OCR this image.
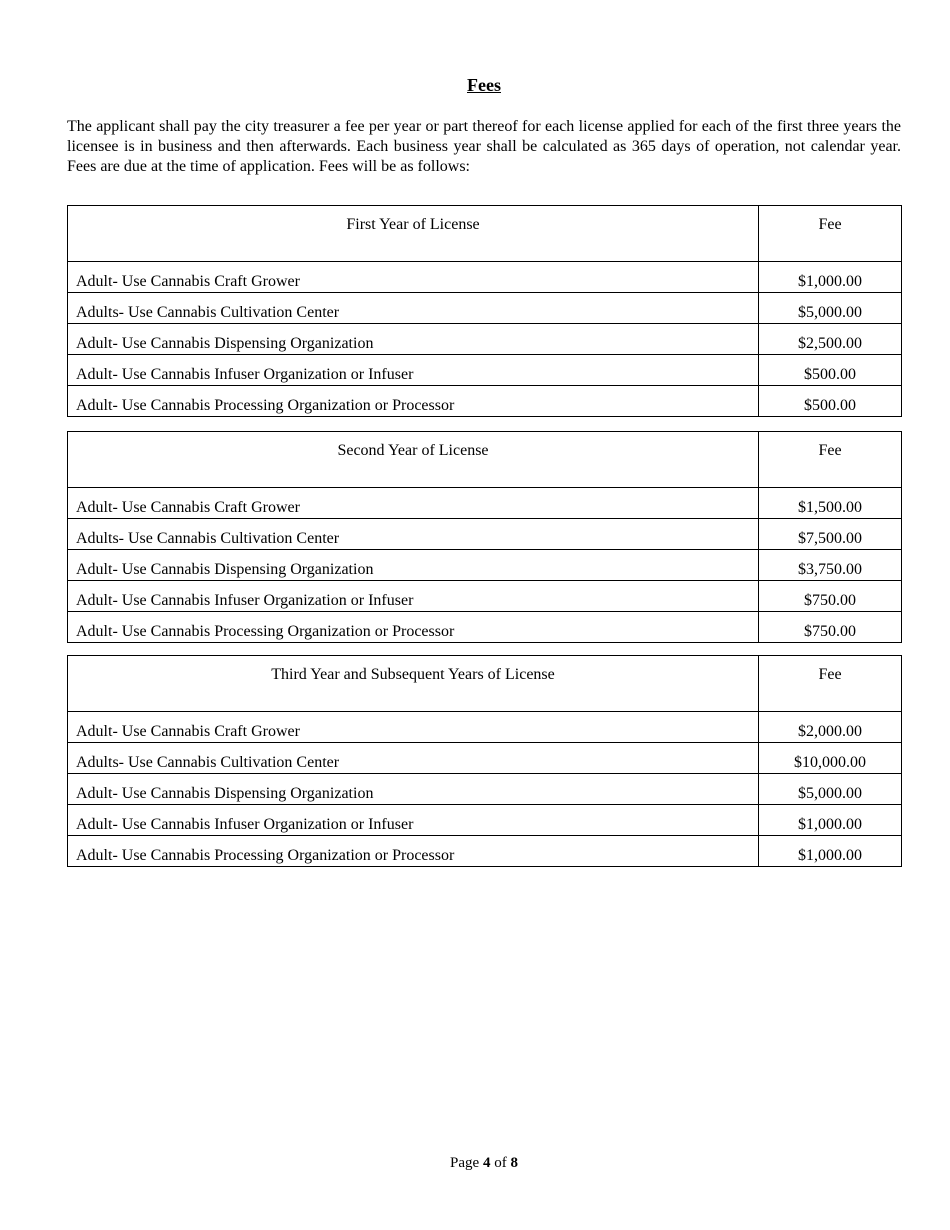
Fees
The applicant shall pay the city treasurer a fee per year or part thereof for each license applied for each of the first three years the licensee is in business and then afterwards. Each business year shall be calculated as 365 days of operation, not calendar year. Fees are due at the time of application. Fees will be as follows:
First Year of License	Fee
Adult- Use Cannabis Craft Grower	$1,000.00
Adults- Use Cannabis Cultivation Center	$5,000.00
Adult- Use Cannabis Dispensing Organization	$2,500.00
Adult- Use Cannabis Infuser Organization or Infuser	$500.00
Adult- Use Cannabis Processing Organization or Processor	$500.00
Second Year of License	Fee
Adult- Use Cannabis Craft Grower	$1,500.00
Adults- Use Cannabis Cultivation Center	$7,500.00
Adult- Use Cannabis Dispensing Organization	$3,750.00
Adult- Use Cannabis Infuser Organization or Infuser	$750.00
Adult- Use Cannabis Processing Organization or Processor	$750.00
Third Year and Subsequent Years of License	Fee
Adult- Use Cannabis Craft Grower	$2,000.00
Adults- Use Cannabis Cultivation Center	$10,000.00
Adult- Use Cannabis Dispensing Organization	$5,000.00
Adult- Use Cannabis Infuser Organization or Infuser	$1,000.00
Adult- Use Cannabis Processing Organization or Processor	$1,000.00
Page 4 of 8
